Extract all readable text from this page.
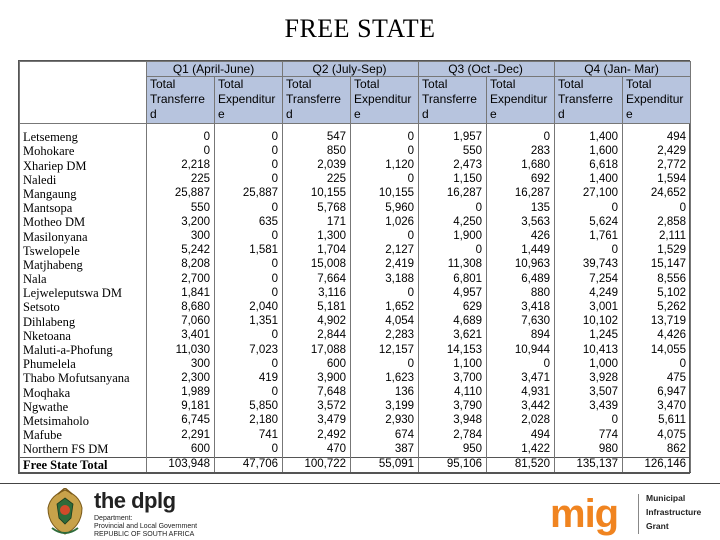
FREE STATE
	Q1 (April-June)		Q2 (July-Sep)		Q3 (Oct -Dec)		Q4 (Jan- Mar)	
	Total Transferre d	Total Expenditur e	Total Transferre d	Total Expenditur e	Total Transferre d	Total Expenditur e	Total Transferre d	Total Expenditur e

Letsemeng	0	0	547	0	1,957	0	1,400	494
Mohokare	0	0	850	0	550	283	1,600	2,429
Xhariep DM	2,218	0	2,039	1,120	2,473	1,680	6,618	2,772
Naledi	225	0	225	0	1,150	692	1,400	1,594
Mangaung	25,887	25,887	10,155	10,155	16,287	16,287	27,100	24,652
Mantsopa	550	0	5,768	5,960	0	135	0	0
Motheo DM	3,200	635	171	1,026	4,250	3,563	5,624	2,858
Masilonyana	300	0	1,300	0	1,900	426	1,761	2,111
Tswelopele	5,242	1,581	1,704	2,127	0	1,449	0	1,529
Matjhabeng	8,208	0	15,008	2,419	11,308	10,963	39,743	15,147
Nala	2,700	0	7,664	3,188	6,801	6,489	7,254	8,556
Lejweleputswa DM	1,841	0	3,116	0	4,957	880	4,249	5,102
Setsoto	8,680	2,040	5,181	1,652	629	3,418	3,001	5,262
Dihlabeng	7,060	1,351	4,902	4,054	4,689	7,630	10,102	13,719
Nketoana	3,401	0	2,844	2,283	3,621	894	1,245	4,426
Maluti-a-Phofung	11,030	7,023	17,088	12,157	14,153	10,944	10,413	14,055
Phumelela	300	0	600	0	1,100	0	1,000	0
Thabo Mofutsanyana	2,300	419	3,900	1,623	3,700	3,471	3,928	475
Moqhaka	1,989	0	7,648	136	4,110	4,931	3,507	6,947
Ngwathe	9,181	5,850	3,572	3,199	3,790	3,442	3,439	3,470
Metsimaholo	6,745	2,180	3,479	2,930	3,948	2,028	0	5,611
Mafube	2,291	741	2,492	674	2,784	494	774	4,075
Northern FS DM	600	0	470	387	950	1,422	980	862
Free State Total	103,948	47,706	100,722	55,091	95,106	81,520	135,137	126,146
the dplg
Department:
Provincial and Local Government
REPUBLIC OF SOUTH AFRICA	mig	Municipal
Infrastructure
Grant
